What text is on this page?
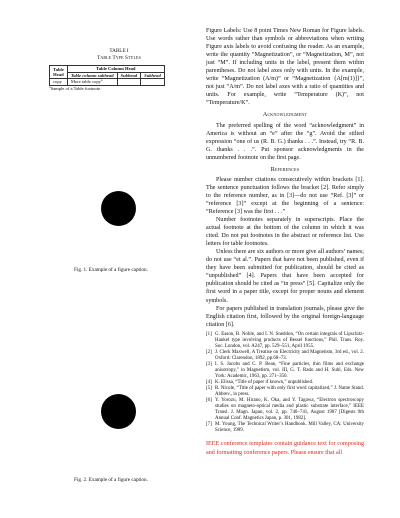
TABLE I
Table Type Styles
Table
Head	Table Column Head		
	Table column subhead	Subhead	Subhead
copy	More table copy$^a$		
$^a$Sample of a Table footnote.
Fig. 1. Example of a figure caption.
Fig. 2. Example of a figure caption.

Figure Labels: Use 8 point Times New Roman for Figure labels. Use words rather than symbols or abbreviations when writing Figure axis labels to avoid confusing the reader. As an example, write the quantity “Magnetization”, or “Magnetization, M”, not just “M”. If including units in the label, present them within parentheses. Do not label axes only with units. In the example, write “Magnetization (A/m)” or “Magnetization {A[m(1)]}”, not just “A/m”. Do not label axes with a ratio of quantities and units. For example, write “Temperature (K)”, not “Temperature/K”.

Acknowledgment

The preferred spelling of the word “acknowledgment” in America is without an “e” after the “g”. Avoid the stilted expression “one of us (R. B. G.) thanks . . .”. Instead, try “R. B. G. thanks . . .”. Put sponsor acknowledgments in the unnumbered footnote on the first page.

References

Please number citations consecutively within brackets [1]. The sentence punctuation follows the bracket [2]. Refer simply to the reference number, as in [3]—do not use “Ref. [3]” or “reference [3]” except at the beginning of a sentence: “Reference [3] was the first . . .”

Number footnotes separately in superscripts. Place the actual footnote at the bottom of the column in which it was cited. Do not put footnotes in the abstract or reference list. Use letters for table footnotes.

Unless there are six authors or more give all authors’ names; do not use “et al.”. Papers that have not been published, even if they have been submitted for publication, should be cited as “unpublished” [4]. Papers that have been accepted for publication should be cited as “in press” [5]. Capitalize only the first word in a paper title, except for proper nouns and element symbols.

For papers published in translation journals, please give the English citation first, followed by the original foreign-language citation [6].

[1] G. Eason, B. Noble, and I. N. Sneddon, “On certain integrals of Lipschitz-Hankel type involving products of Bessel functions,” Phil. Trans. Roy. Soc. London, vol. A247, pp. 529–551, April 1955.
[2] J. Clerk Maxwell, A Treatise on Electricity and Magnetism, 3rd ed., vol. 2. Oxford: Clarendon, 1892, pp.68–73.
[3] I. S. Jacobs and C. P. Bean, “Fine particles, thin films and exchange anisotropy,” in Magnetism, vol. III, G. T. Rado and H. Suhl, Eds. New York: Academic, 1963, pp. 271–350.
[4] K. Elissa, “Title of paper if known,” unpublished.
[5] R. Nicole, “Title of paper with only first word capitalized,” J. Name Stand. Abbrev., in press.
[6] Y. Yorozu, M. Hirano, K. Oka, and Y. Tagawa, “Electron spectroscopy studies on magneto-optical media and plastic substrate interface,” IEEE Transl. J. Magn. Japan, vol. 2, pp. 740–741, August 1987 [Digests 9th Annual Conf. Magnetics Japan, p. 301, 1982].
[7] M. Young, The Technical Writer’s Handbook. Mill Valley, CA: University Science, 1989.

IEEE conference templates contain guidance text for composing and formatting conference papers. Please ensure that all
